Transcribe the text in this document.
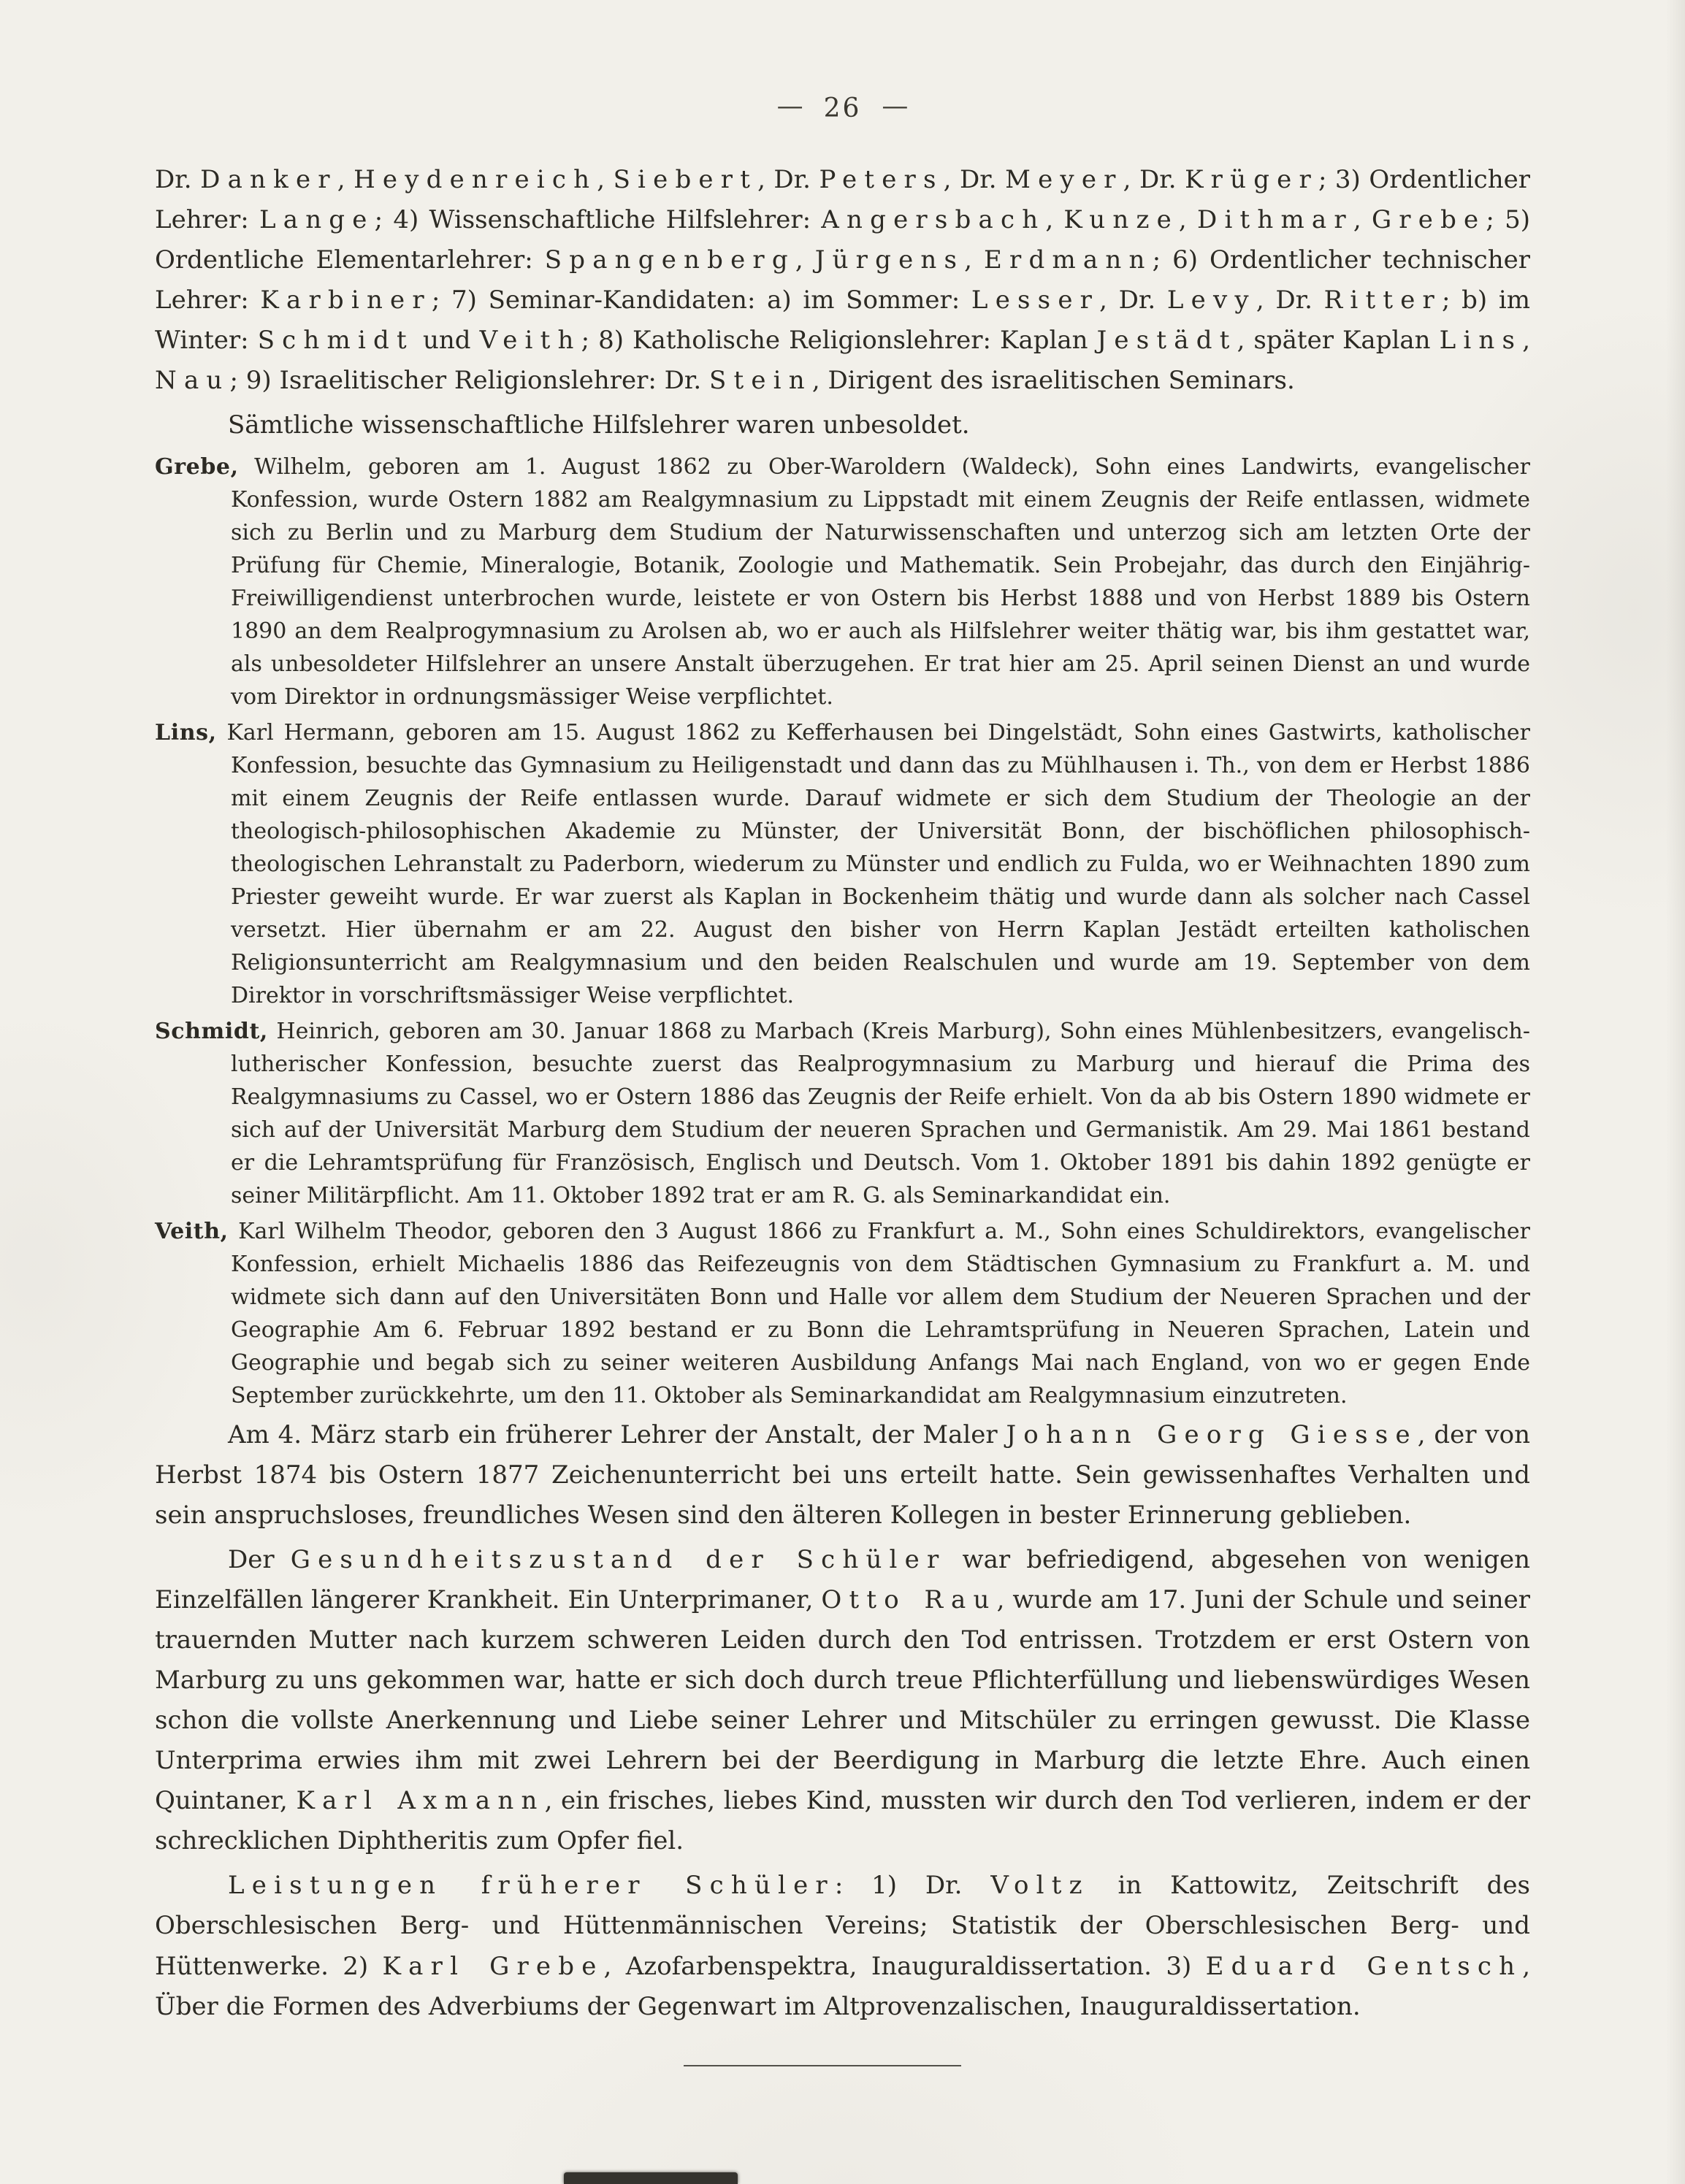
— 26 —

Dr. Danker, Heydenreich, Siebert, Dr. Peters, Dr. Meyer, Dr. Krüger; 3) Ordentlicher Lehrer: Lange; 4) Wissenschaftliche Hilfslehrer: Angersbach, Kunze, Dithmar, Grebe; 5) Ordentliche Elementarlehrer: Spangenberg, Jürgens, Erdmann; 6) Ordentlicher technischer Lehrer: Karbiner; 7) Seminar-Kandidaten: a) im Sommer: Lesser, Dr. Levy, Dr. Ritter; b) im Winter: Schmidt und Veith; 8) Katholische Religionslehrer: Kaplan Jestädt, später Kaplan Lins, Nau; 9) Israelitischer Religionslehrer: Dr. Stein, Dirigent des israelitischen Seminars.

Sämtliche wissenschaftliche Hilfslehrer waren unbesoldet.

Grebe, Wilhelm, geboren am 1. August 1862 zu Ober-Waroldern (Waldeck), Sohn eines Landwirts, evangelischer Konfession, wurde Ostern 1882 am Realgymnasium zu Lippstadt mit einem Zeugnis der Reife entlassen, widmete sich zu Berlin und zu Marburg dem Studium der Naturwissenschaften und unterzog sich am letzten Orte der Prüfung für Chemie, Mineralogie, Botanik, Zoologie und Mathematik. Sein Probejahr, das durch den Einjährig-Freiwilligendienst unterbrochen wurde, leistete er von Ostern bis Herbst 1888 und von Herbst 1889 bis Ostern 1890 an dem Realprogymnasium zu Arolsen ab, wo er auch als Hilfslehrer weiter thätig war, bis ihm gestattet war, als unbesoldeter Hilfslehrer an unsere Anstalt überzugehen. Er trat hier am 25. April seinen Dienst an und wurde vom Direktor in ordnungsmässiger Weise verpflichtet.

Lins, Karl Hermann, geboren am 15. August 1862 zu Kefferhausen bei Dingelstädt, Sohn eines Gastwirts, katholischer Konfession, besuchte das Gymnasium zu Heiligenstadt und dann das zu Mühlhausen i. Th., von dem er Herbst 1886 mit einem Zeugnis der Reife entlassen wurde. Darauf widmete er sich dem Studium der Theologie an der theologisch-philosophischen Akademie zu Münster, der Universität Bonn, der bischöflichen philosophisch-theologischen Lehranstalt zu Paderborn, wiederum zu Münster und endlich zu Fulda, wo er Weihnachten 1890 zum Priester geweiht wurde. Er war zuerst als Kaplan in Bockenheim thätig und wurde dann als solcher nach Cassel versetzt. Hier übernahm er am 22. August den bisher von Herrn Kaplan Jestädt erteilten katholischen Religionsunterricht am Realgymnasium und den beiden Realschulen und wurde am 19. September von dem Direktor in vorschriftsmässiger Weise verpflichtet.

Schmidt, Heinrich, geboren am 30. Januar 1868 zu Marbach (Kreis Marburg), Sohn eines Mühlenbesitzers, evangelisch-lutherischer Konfession, besuchte zuerst das Realprogymnasium zu Marburg und hierauf die Prima des Realgymnasiums zu Cassel, wo er Ostern 1886 das Zeugnis der Reife erhielt. Von da ab bis Ostern 1890 widmete er sich auf der Universität Marburg dem Studium der neueren Sprachen und Germanistik. Am 29. Mai 1861 bestand er die Lehramtsprüfung für Französisch, Englisch und Deutsch. Vom 1. Oktober 1891 bis dahin 1892 genügte er seiner Militärpflicht. Am 11. Oktober 1892 trat er am R. G. als Seminarkandidat ein.

Veith, Karl Wilhelm Theodor, geboren den 3 August 1866 zu Frankfurt a. M., Sohn eines Schuldirektors, evangelischer Konfession, erhielt Michaelis 1886 das Reifezeugnis von dem Städtischen Gymnasium zu Frankfurt a. M. und widmete sich dann auf den Universitäten Bonn und Halle vor allem dem Studium der Neueren Sprachen und der Geographie Am 6. Februar 1892 bestand er zu Bonn die Lehramtsprüfung in Neueren Sprachen, Latein und Geographie und begab sich zu seiner weiteren Ausbildung Anfangs Mai nach England, von wo er gegen Ende September zurückkehrte, um den 11. Oktober als Seminarkandidat am Realgymnasium einzutreten.

Am 4. März starb ein früherer Lehrer der Anstalt, der Maler Johann Georg Giesse, der von Herbst 1874 bis Ostern 1877 Zeichenunterricht bei uns erteilt hatte. Sein gewissenhaftes Verhalten und sein anspruchsloses, freundliches Wesen sind den älteren Kollegen in bester Erinnerung geblieben.

Der Gesundheitszustand der Schüler war befriedigend, abgesehen von wenigen Einzelfällen längerer Krankheit. Ein Unterprimaner, Otto Rau, wurde am 17. Juni der Schule und seiner trauernden Mutter nach kurzem schweren Leiden durch den Tod entrissen. Trotzdem er erst Ostern von Marburg zu uns gekommen war, hatte er sich doch durch treue Pflichterfüllung und liebenswürdiges Wesen schon die vollste Anerkennung und Liebe seiner Lehrer und Mitschüler zu erringen gewusst. Die Klasse Unterprima erwies ihm mit zwei Lehrern bei der Beerdigung in Marburg die letzte Ehre. Auch einen Quintaner, Karl Axmann, ein frisches, liebes Kind, mussten wir durch den Tod verlieren, indem er der schrecklichen Diphtheritis zum Opfer fiel.

Leistungen früherer Schüler: 1) Dr. Voltz in Kattowitz, Zeitschrift des Oberschlesischen Berg- und Hüttenmännischen Vereins; Statistik der Oberschlesischen Berg- und Hüttenwerke. 2) Karl Grebe, Azofarbenspektra, Inauguraldissertation. 3) Eduard Gentsch, Über die Formen des Adverbiums der Gegenwart im Altprovenzalischen, Inauguraldissertation.
